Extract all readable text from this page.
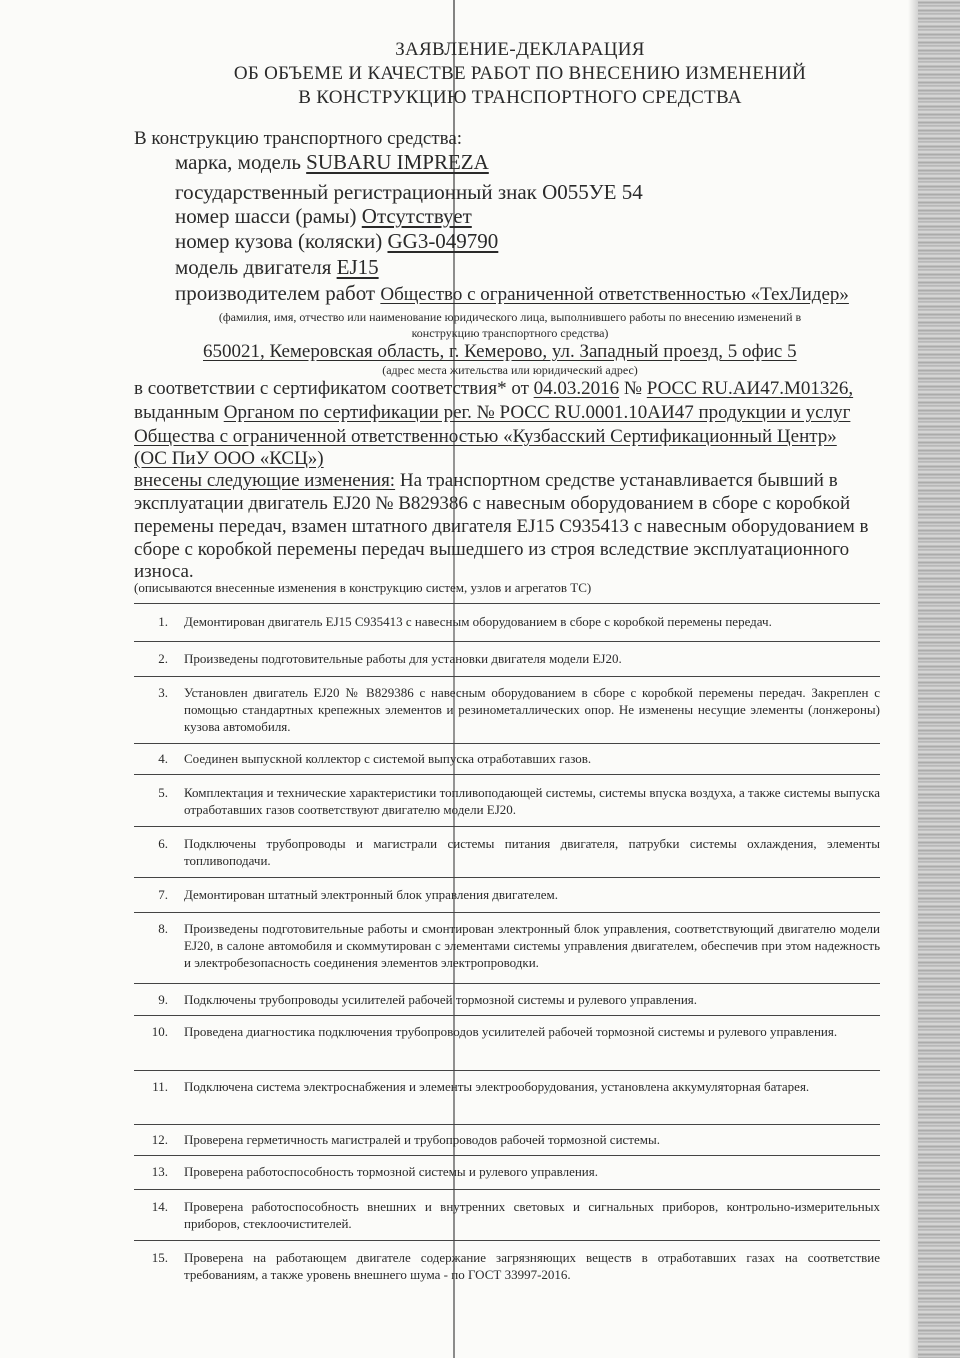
ЗАЯВЛЕНИЕ-ДЕКЛАРАЦИЯ
ОБ ОБЪЕМЕ И КАЧЕСТВЕ РАБОТ ПО ВНЕСЕНИЮ ИЗМЕНЕНИЙ
В КОНСТРУКЦИЮ ТРАНСПОРТНОГО СРЕДСТВА
В конструкцию транспортного средства:
марка, модель SUBARU IMPREZA
государственный регистрационный знак О055УЕ 54
номер шасси (рамы) Отсутствует
номер кузова (коляски) GG3-049790
модель двигателя EJ15
производителем работ Общество с ограниченной ответственностью «ТехЛидер»
(фамилия, имя, отчество или наименование юридического лица, выполнившего работы по внесению изменений в
конструкцию транспортного средства)
650021, Кемеровская область, г. Кемерово, ул. Западный проезд, 5 офис 5
(адрес места жительства или юридический адрес)
в соответствии с сертификатом соответствия* от 04.03.2016 № РОСС RU.АИ47.М01326,
выданным Органом по сертификации рег. № РОСС RU.0001.10АИ47 продукции и услуг
Общества с ограниченной ответственностью «Кузбасский Сертификационный Центр»
(ОС ПиУ ООО «КСЦ»)
внесены следующие изменения: На транспортном средстве устанавливается бывший в
эксплуатации двигатель EJ20 № В829386 с навесным оборудованием в сборе с коробкой
перемены передач, взамен штатного двигателя EJ15 С935413 с навесным оборудованием в
сборе с коробкой перемены передач вышедшего из строя вследствие эксплуатационного
износа.
(описываются внесенные изменения в конструкцию систем, узлов и агрегатов ТС)
1. Демонтирован двигатель EJ15 С935413 с навесным оборудованием в сборе с коробкой перемены передач.
2. Произведены подготовительные работы для установки двигателя модели EJ20.
3. Установлен двигатель EJ20 № В829386 с навесным оборудованием в сборе с коробкой перемены передач. Закреплен с помощью стандартных крепежных элементов и резинометаллических опор. Не изменены несущие элементы (лонжероны) кузова автомобиля.
4. Соединен выпускной коллектор с системой выпуска отработавших газов.
5. Комплектация и технические характеристики топливоподающей системы, системы впуска воздуха, а также системы выпуска отработавших газов соответствуют двигателю модели EJ20.
6. Подключены трубопроводы и магистрали системы питания двигателя, патрубки системы охлаждения, элементы топливоподачи.
7. Демонтирован штатный электронный блок управления двигателем.
8. Произведены подготовительные работы и смонтирован электронный блок управления, соответствующий двигателю модели EJ20, в салоне автомобиля и скоммутирован с элементами системы управления двигателем, обеспечив при этом надежность и электробезопасность соединения элементов электропроводки.
9. Подключены трубопроводы усилителей рабочей тормозной системы и рулевого управления.
10. Проведена диагностика подключения трубопроводов усилителей рабочей тормозной системы и рулевого управления.
11. Подключена система электроснабжения и элементы электрооборудования, установлена аккумуляторная батарея.
12. Проверена герметичность магистралей и трубопроводов рабочей тормозной системы.
13. Проверена работоспособность тормозной системы и рулевого управления.
14. Проверена работоспособность внешних и внутренних световых и сигнальных приборов, контрольно-измерительных приборов, стеклоочистителей.
15. Проверена на работающем двигателе содержание загрязняющих веществ в отработавших газах на соответствие требованиям, а также уровень внешнего шума - по ГОСТ 33997-2016.
